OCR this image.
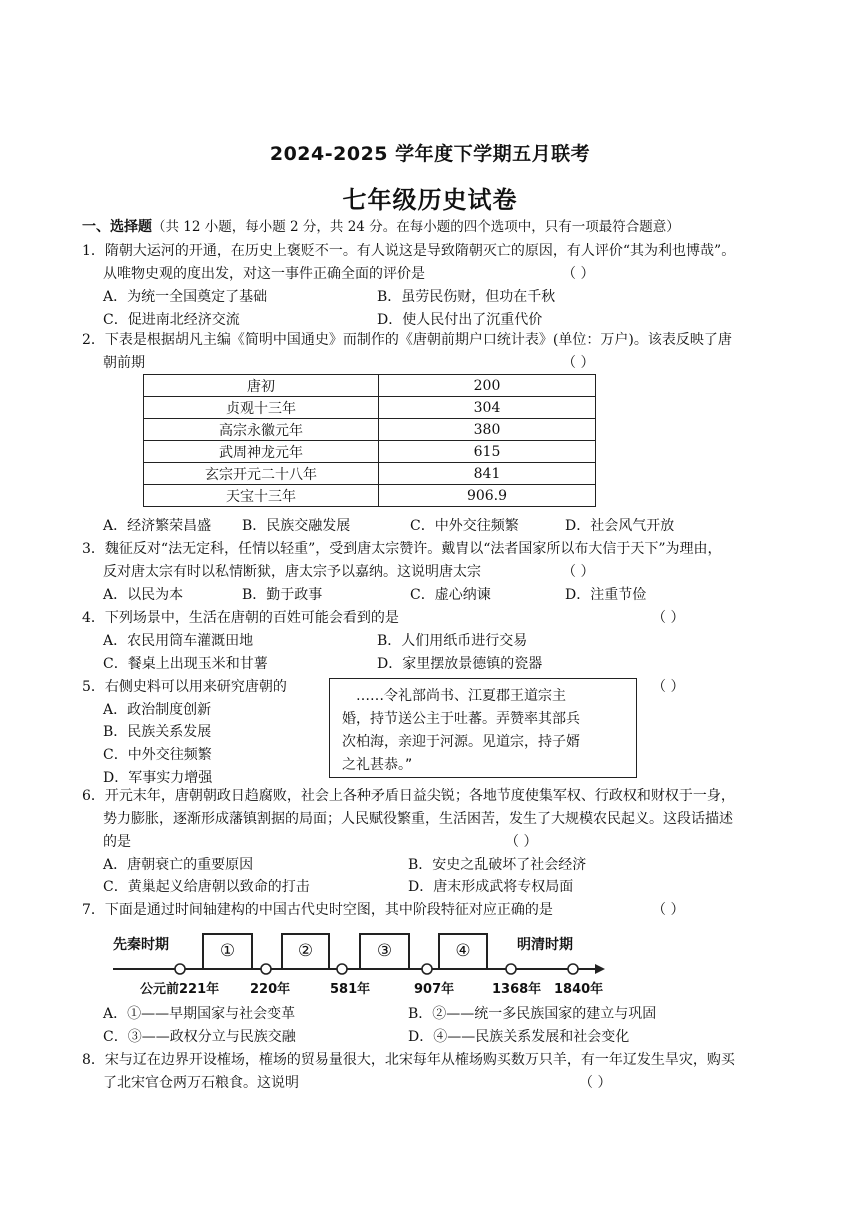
2024-2025 学年度下学期五月联考
七年级历史试卷
一、选择题（共 12 小题，每小题 2 分，共 24 分。在每小题的四个选项中，只有一项最符合题意）
1．隋朝大运河的开通，在历史上褒贬不一。有人说这是导致隋朝灭亡的原因，有人评价“其为利也博哉”。
从唯物史观的度出发，对这一事件正确全面的评价是	（ ）
A．为统一全国奠定了基础	B．虽劳民伤财，但功在千秋
C．促进南北经济交流	D．使人民付出了沉重代价
2．下表是根据胡凡主编《简明中国通史》而制作的《唐朝前期户口统计表》(单位：万户)。该表反映了唐
朝前期	（ ）
唐初	200
贞观十三年	304
高宗永徽元年	380
武周神龙元年	615
玄宗开元二十八年	841
天宝十三年	906.9
A．经济繁荣昌盛 B．民族交融发展	C．中外交往频繁	D．社会风气开放
3．魏征反对“法无定科，任情以轻重”，受到唐太宗赞许。戴胄以“法者国家所以布大信于天下”为理由，
反对唐太宗有时以私情断狱，唐太宗予以嘉纳。这说明唐太宗	（ ）
A．以民为本	B．勤于政事	C．虚心纳谏	D．注重节俭
4．下列场景中，生活在唐朝的百姓可能会看到的是	（ ）
A．农民用筒车灌溉田地	B．人们用纸币进行交易
C．餐桌上出现玉米和甘薯	D．家里摆放景德镇的瓷器
5．右侧史料可以用来研究唐朝的	（ ）
A．政治制度创新
B．民族关系发展
C．中外交往频繁
D．军事实力增强
……令礼部尚书、江夏郡王道宗主
婚，持节送公主于吐蕃。弄赞率其部兵
次柏海，亲迎于河源。见道宗，持子婿
之礼甚恭。”
6．开元末年，唐朝朝政日趋腐败，社会上各种矛盾日益尖锐；各地节度使集军权、行政权和财权于一身，
势力膨胀，逐渐形成藩镇割据的局面；人民赋役繁重，生活困苦，发生了大规模农民起义。这段话描述
的是	（ ）
A．唐朝衰亡的重要原因	B．安史之乱破坏了社会经济
C．黄巢起义给唐朝以致命的打击	D．唐末形成武将专权局面
7．下面是通过时间轴建构的中国古代史时空图，其中阶段特征对应正确的是	（ ）
先秦时期	明清时期
①	②	③	④
公元前221年 220年	581年	907年	1368年 1840年
A．①——早期国家与社会变革	B．②——统一多民族国家的建立与巩固
C．③——政权分立与民族交融	D．④——民族关系发展和社会变化
8．宋与辽在边界开设榷场，榷场的贸易量很大，北宋每年从榷场购买数万只羊，有一年辽发生旱灾，购买
了北宋官仓两万石粮食。这说明	（ ）
